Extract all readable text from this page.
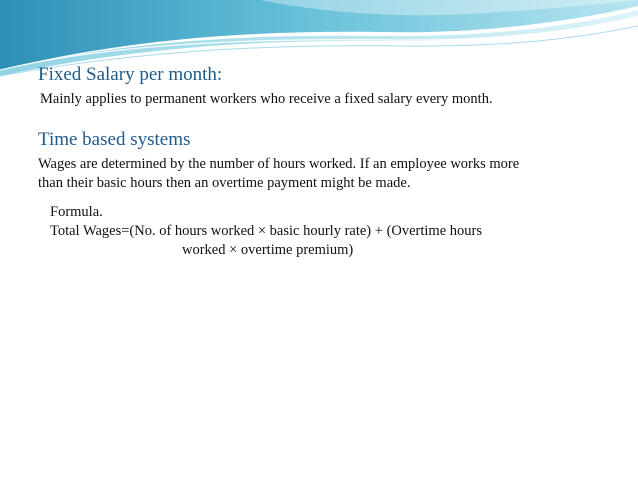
Fixed Salary per month:

Mainly applies to permanent workers who receive a fixed salary every month.

Time based systems

Wages are determined by the number of hours worked. If an employee works more

than their basic hours then an overtime payment might be made.

Formula.

Total Wages=(No. of hours worked × basic hourly rate) + (Overtime hours

worked × overtime premium)
